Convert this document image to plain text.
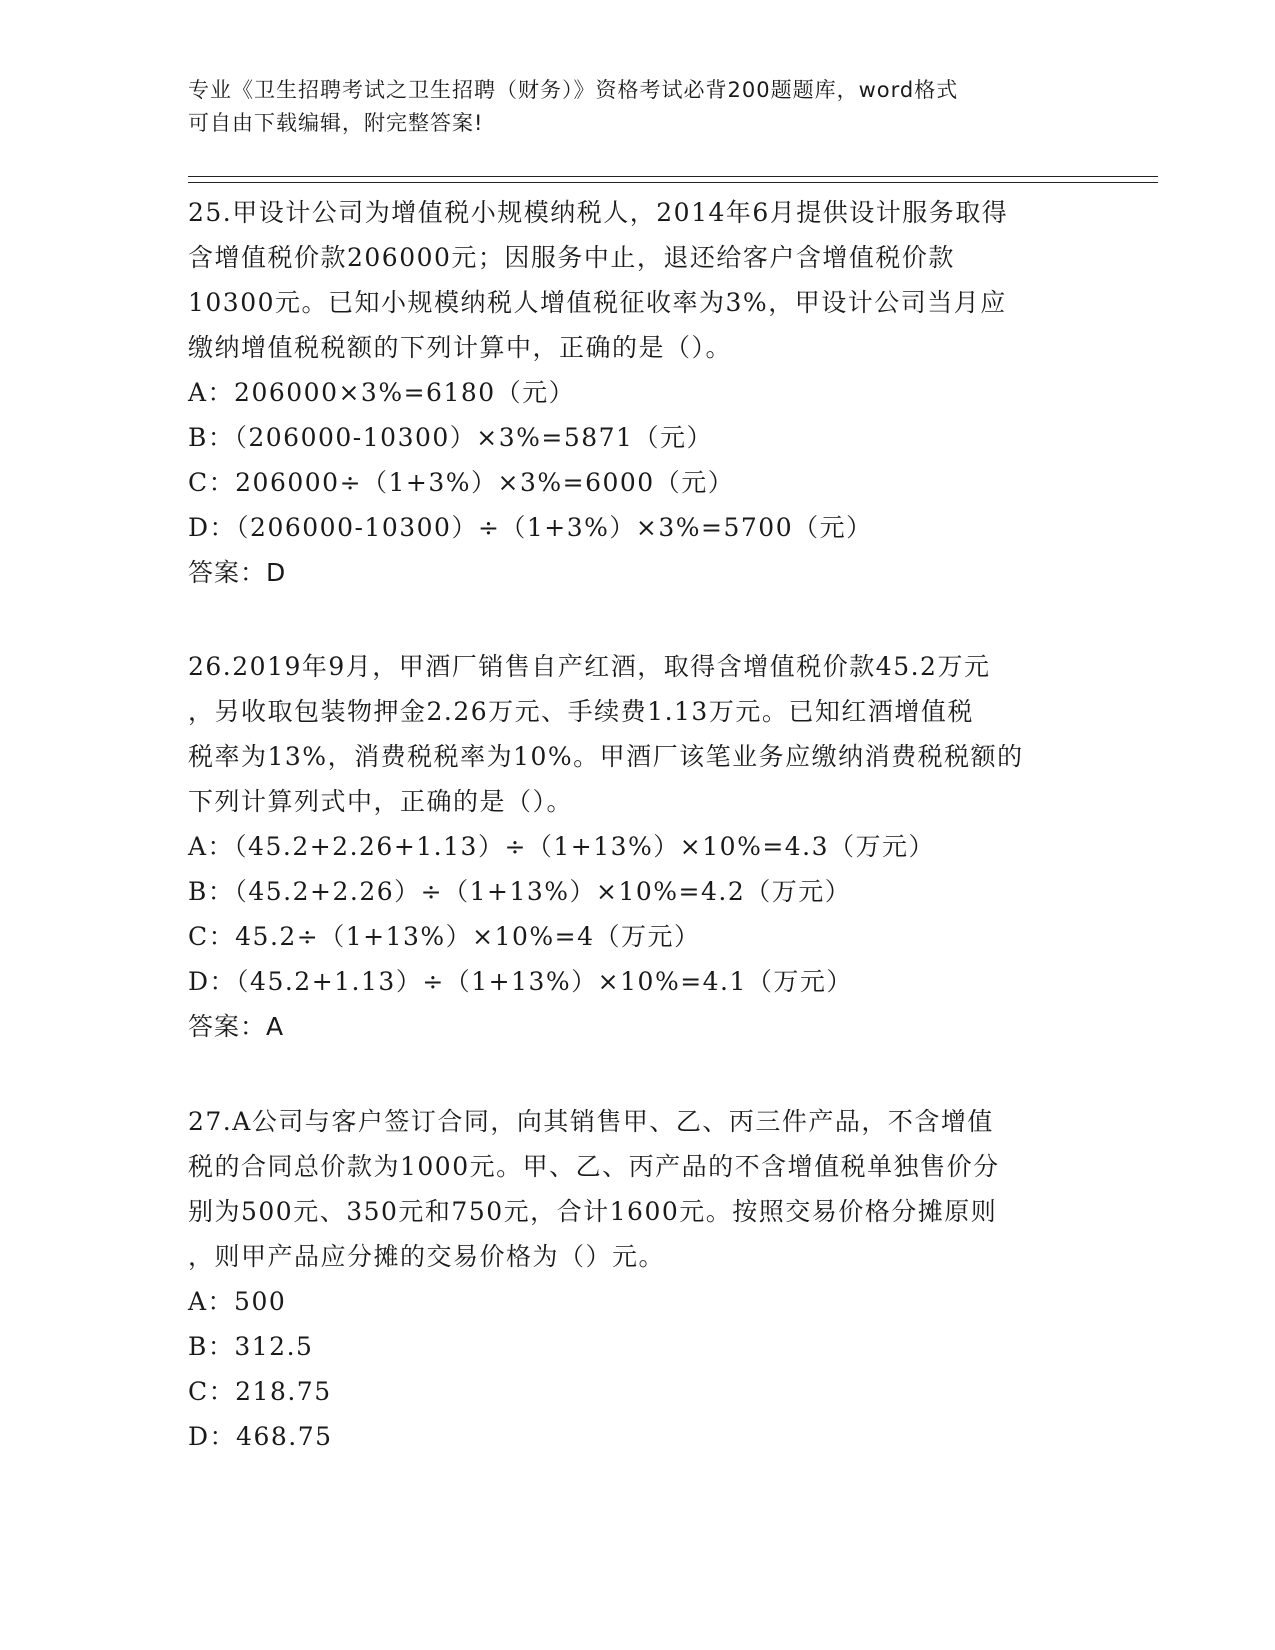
专业《卫生招聘考试之卫生招聘（财务）》资格考试必背200题题库，word格式
可自由下载编辑，附完整答案!
25.甲设计公司为增值税小规模纳税人，2014年6月提供设计服务取得
含增值税价款206000元；因服务中止，退还给客户含增值税价款
10300元。已知小规模纳税人增值税征收率为3%，甲设计公司当月应
缴纳增值税税额的下列计算中，正确的是（）。
A：206000×3%=6180（元）
B：（206000-10300）×3%=5871（元）
C：206000÷（1+3%）×3%=6000（元）
D：（206000-10300）÷（1+3%）×3%=5700（元）
答案：D
26.2019年9月，甲酒厂销售自产红酒，取得含增值税价款45.2万元
，另收取包装物押金2.26万元、手续费1.13万元。已知红酒增值税
税率为13%，消费税税率为10%。甲酒厂该笔业务应缴纳消费税税额的
下列计算列式中，正确的是（）。
A：（45.2+2.26+1.13）÷（1+13%）×10%=4.3（万元）
B：（45.2+2.26）÷（1+13%）×10%=4.2（万元）
C：45.2÷（1+13%）×10%=4（万元）
D：（45.2+1.13）÷（1+13%）×10%=4.1（万元）
答案：A
27.A公司与客户签订合同，向其销售甲、乙、丙三件产品，不含增值
税的合同总价款为1000元。甲、乙、丙产品的不含增值税单独售价分
别为500元、350元和750元，合计1600元。按照交易价格分摊原则
，则甲产品应分摊的交易价格为（）元。
A：500
B：312.5
C：218.75
D：468.75
